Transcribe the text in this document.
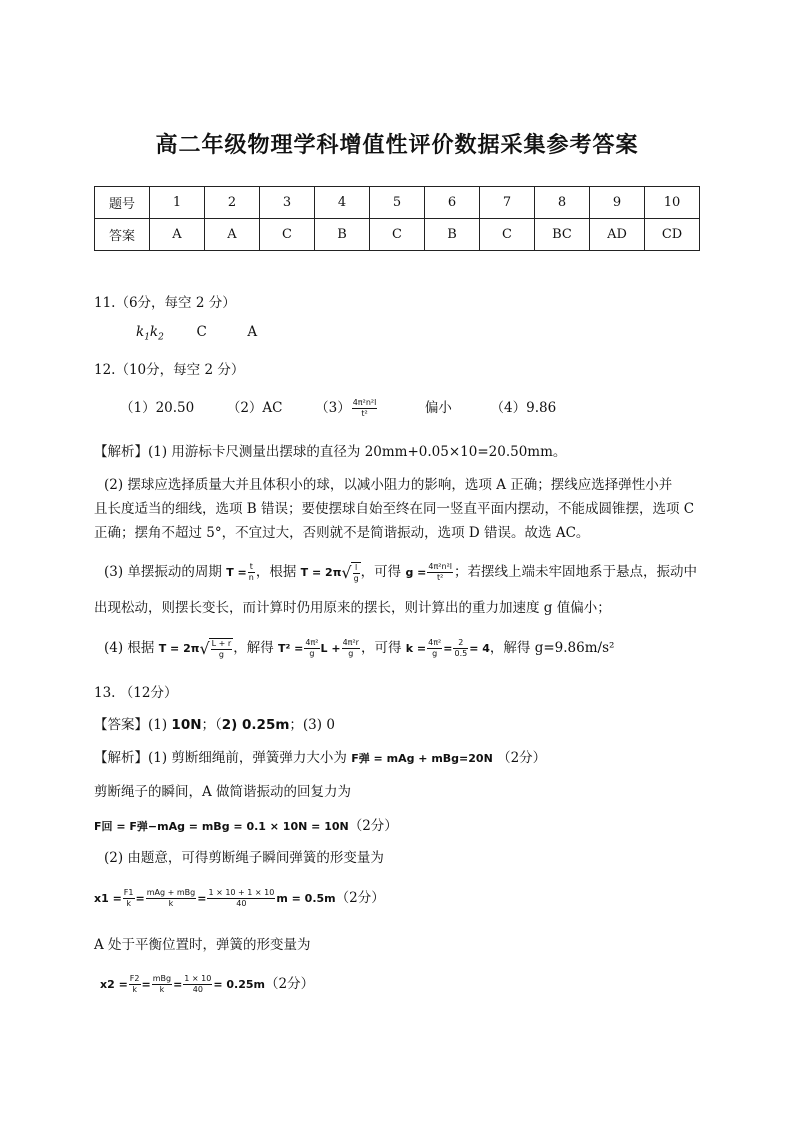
高二年级物理学科增值性评价数据采集参考答案
题号	1	2	3	4	5	6	7	8	9	10
答案	A	A	C	B	C	B	C	BC	AD	CD
11.（6分，每空 2 分）
$k_1k_2$ C	A
12.（10分，每空 2 分）
（1）20.50 （2）AC $(3) \frac{\text{4π²n²l}}{\text{t²}}$	偏小	（4）9.86
【解析】(1) 用游标卡尺测量出摆球的直径为 20mm+0.05×10=20.50mm。
(2) 摆球应选择质量大并且体积小的球，以减小阻力的影响，选项 A 正确；摆线应选择弹性小并
且长度适当的细线，选项 B 错误；要使摆球自始至终在同一竖直平面内摆动，不能成圆锥摆，选项 C
正确；摆角不超过 5°，不宜过大，否则就不是简谐振动，选项 D 错误。故选 AC。
(3) 单摆振动的周期 $T = \frac{t}{n}$ ，根据 $T = 2\pi√ \frac{l}{g}$ ，可得 $g = \frac{\text{4π²n²l}}{\text{t²}}$ ；若摆线上端未牢固地系于悬点，振动中
出现松动，则摆长变长，而计算时仍用原来的摆长，则计算出的重力加速度 g 值偏小；
(4) 根据 $T = 2\pi√ \frac{L + r}{g}$ ，解得 $T^2 = \frac{\text{4π²}}{g}$ $L + \frac{\text{4π²r}}{g}$ ，可得 $k = \frac{\text{4π²}}{g} = \frac{2}{0.5} = 4$，解得 g=9.86m/s²
13. （12分）
【答案】(1) 10N；（2) 0.25m；(3) 0
【解析】(1) 剪断细绳前，弹簧弹力大小为 F弹 = mAg + mBg=20N （2分）
剪断绳子的瞬间，A 做简谐振动的回复力为
F回 = F弹−mAg = mBg = 0.1 × 10N = 10N（2分）
(2) 由题意，可得剪断绳子瞬间弹簧的形变量为
$x1 = \frac{F1}{k} = \frac{\text{mAg + mBg}}{k} = \frac{1 \times 10 + 1 \times 10}{40}$ m = 0.5m（2分）
A 处于平衡位置时，弹簧的形变量为
$x2 = \frac{F2}{k} = \frac{\text{mBg}}{k} = \frac{1 \times 10}{40} = 0.25m(2$分）
